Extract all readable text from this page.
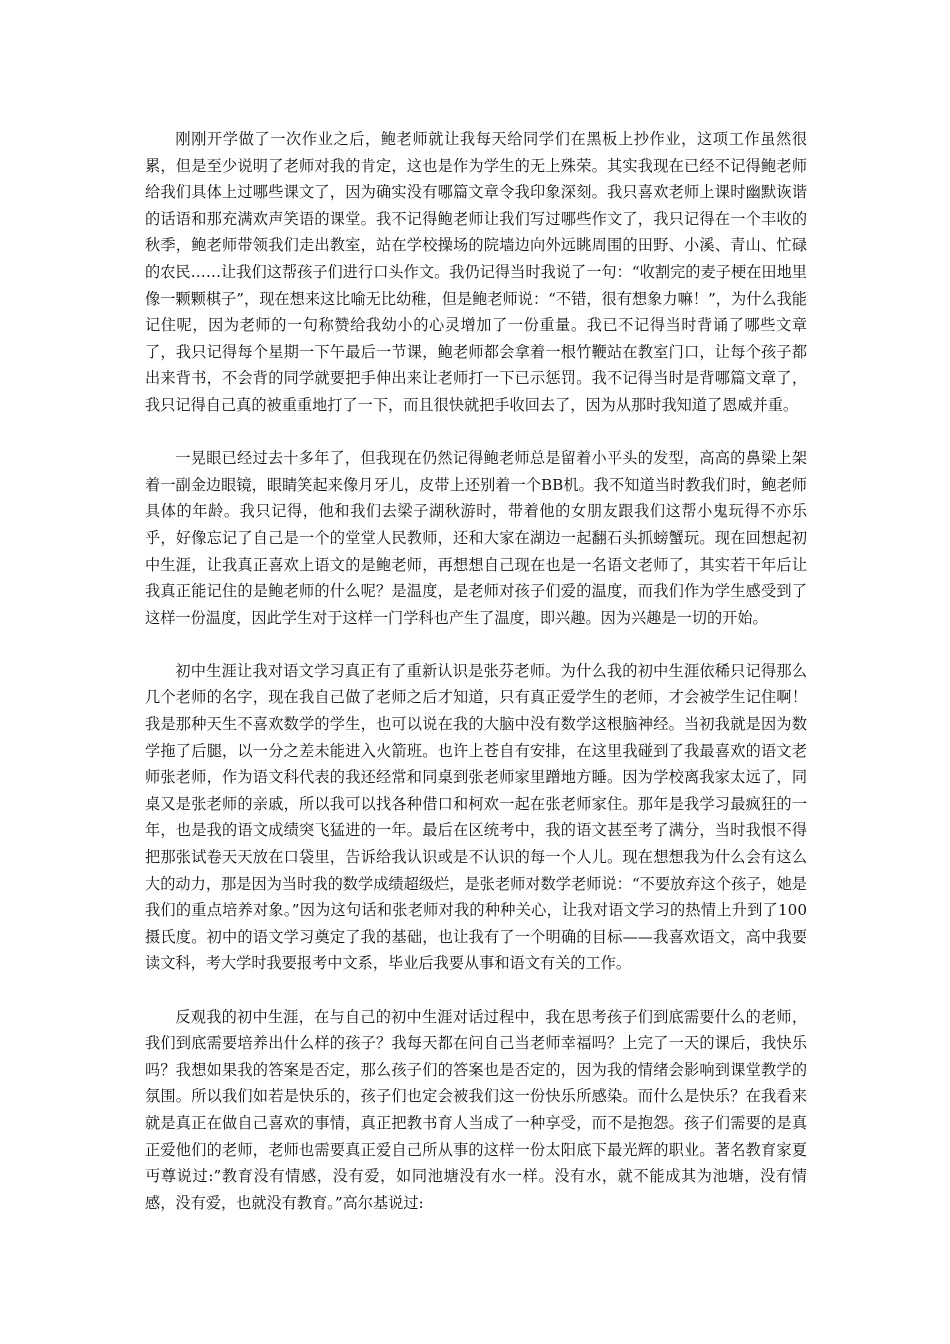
刚刚开学做了一次作业之后，鲍老师就让我每天给同学们在黑板上抄作业，这项工作虽然很累，但是至少说明了老师对我的肯定，这也是作为学生的无上殊荣。其实我现在已经不记得鲍老师给我们具体上过哪些课文了，因为确实没有哪篇文章令我印象深刻。我只喜欢老师上课时幽默诙谐的话语和那充满欢声笑语的课堂。我不记得鲍老师让我们写过哪些作文了，我只记得在一个丰收的秋季，鲍老师带领我们走出教室，站在学校操场的院墙边向外远眺周围的田野、小溪、青山、忙碌的农民……让我们这帮孩子们进行口头作文。我仍记得当时我说了一句：“收割完的麦子梗在田地里像一颗颗棋子”，现在想来这比喻无比幼稚，但是鲍老师说：“不错，很有想象力嘛！”，为什么我能记住呢，因为老师的一句称赞给我幼小的心灵增加了一份重量。我已不记得当时背诵了哪些文章了，我只记得每个星期一下午最后一节课，鲍老师都会拿着一根竹鞭站在教室门口，让每个孩子都出来背书，不会背的同学就要把手伸出来让老师打一下已示惩罚。我不记得当时是背哪篇文章了，我只记得自己真的被重重地打了一下，而且很快就把手收回去了，因为从那时我知道了恩威并重。

一晃眼已经过去十多年了，但我现在仍然记得鲍老师总是留着小平头的发型，高高的鼻梁上架着一副金边眼镜，眼睛笑起来像月牙儿，皮带上还别着一个BB机。我不知道当时教我们时，鲍老师具体的年龄。我只记得，他和我们去梁子湖秋游时，带着他的女朋友跟我们这帮小鬼玩得不亦乐乎，好像忘记了自己是一个的堂堂人民教师，还和大家在湖边一起翻石头抓螃蟹玩。现在回想起初中生涯，让我真正喜欢上语文的是鲍老师，再想想自己现在也是一名语文老师了，其实若干年后让我真正能记住的是鲍老师的什么呢？是温度，是老师对孩子们爱的温度，而我们作为学生感受到了这样一份温度，因此学生对于这样一门学科也产生了温度，即兴趣。因为兴趣是一切的开始。

初中生涯让我对语文学习真正有了重新认识是张芬老师。为什么我的初中生涯依稀只记得那么几个老师的名字，现在我自己做了老师之后才知道，只有真正爱学生的老师，才会被学生记住啊！我是那种天生不喜欢数学的学生，也可以说在我的大脑中没有数学这根脑神经。当初我就是因为数学拖了后腿，以一分之差未能进入火箭班。也许上苍自有安排，在这里我碰到了我最喜欢的语文老师张老师，作为语文科代表的我还经常和同桌到张老师家里蹭地方睡。因为学校离我家太远了，同桌又是张老师的亲戚，所以我可以找各种借口和柯欢一起在张老师家住。那年是我学习最疯狂的一年，也是我的语文成绩突飞猛进的一年。最后在区统考中，我的语文甚至考了满分，当时我恨不得把那张试卷天天放在口袋里，告诉给我认识或是不认识的每一个人儿。现在想想我为什么会有这么大的动力，那是因为当时我的数学成绩超级烂，是张老师对数学老师说：“不要放弃这个孩子，她是我们的重点培养对象。”因为这句话和张老师对我的种种关心，让我对语文学习的热情上升到了100摄氏度。初中的语文学习奠定了我的基础，也让我有了一个明确的目标——我喜欢语文，高中我要读文科，考大学时我要报考中文系，毕业后我要从事和语文有关的工作。

反观我的初中生涯，在与自己的初中生涯对话过程中，我在思考孩子们到底需要什么的老师，我们到底需要培养出什么样的孩子？我每天都在问自己当老师幸福吗？上完了一天的课后，我快乐吗？我想如果我的答案是否定，那么孩子们的答案也是否定的，因为我的情绪会影响到课堂教学的氛围。所以我们如若是快乐的，孩子们也定会被我们这一份快乐所感染。而什么是快乐？在我看来就是真正在做自己喜欢的事情，真正把教书育人当成了一种享受，而不是抱怨。孩子们需要的是真正爱他们的老师，老师也需要真正爱自己所从事的这样一份太阳底下最光辉的职业。著名教育家夏丏尊说过:”教育没有情感，没有爱，如同池塘没有水一样。没有水，就不能成其为池塘，没有情感，没有爱，也就没有教育。”高尔基说过:
